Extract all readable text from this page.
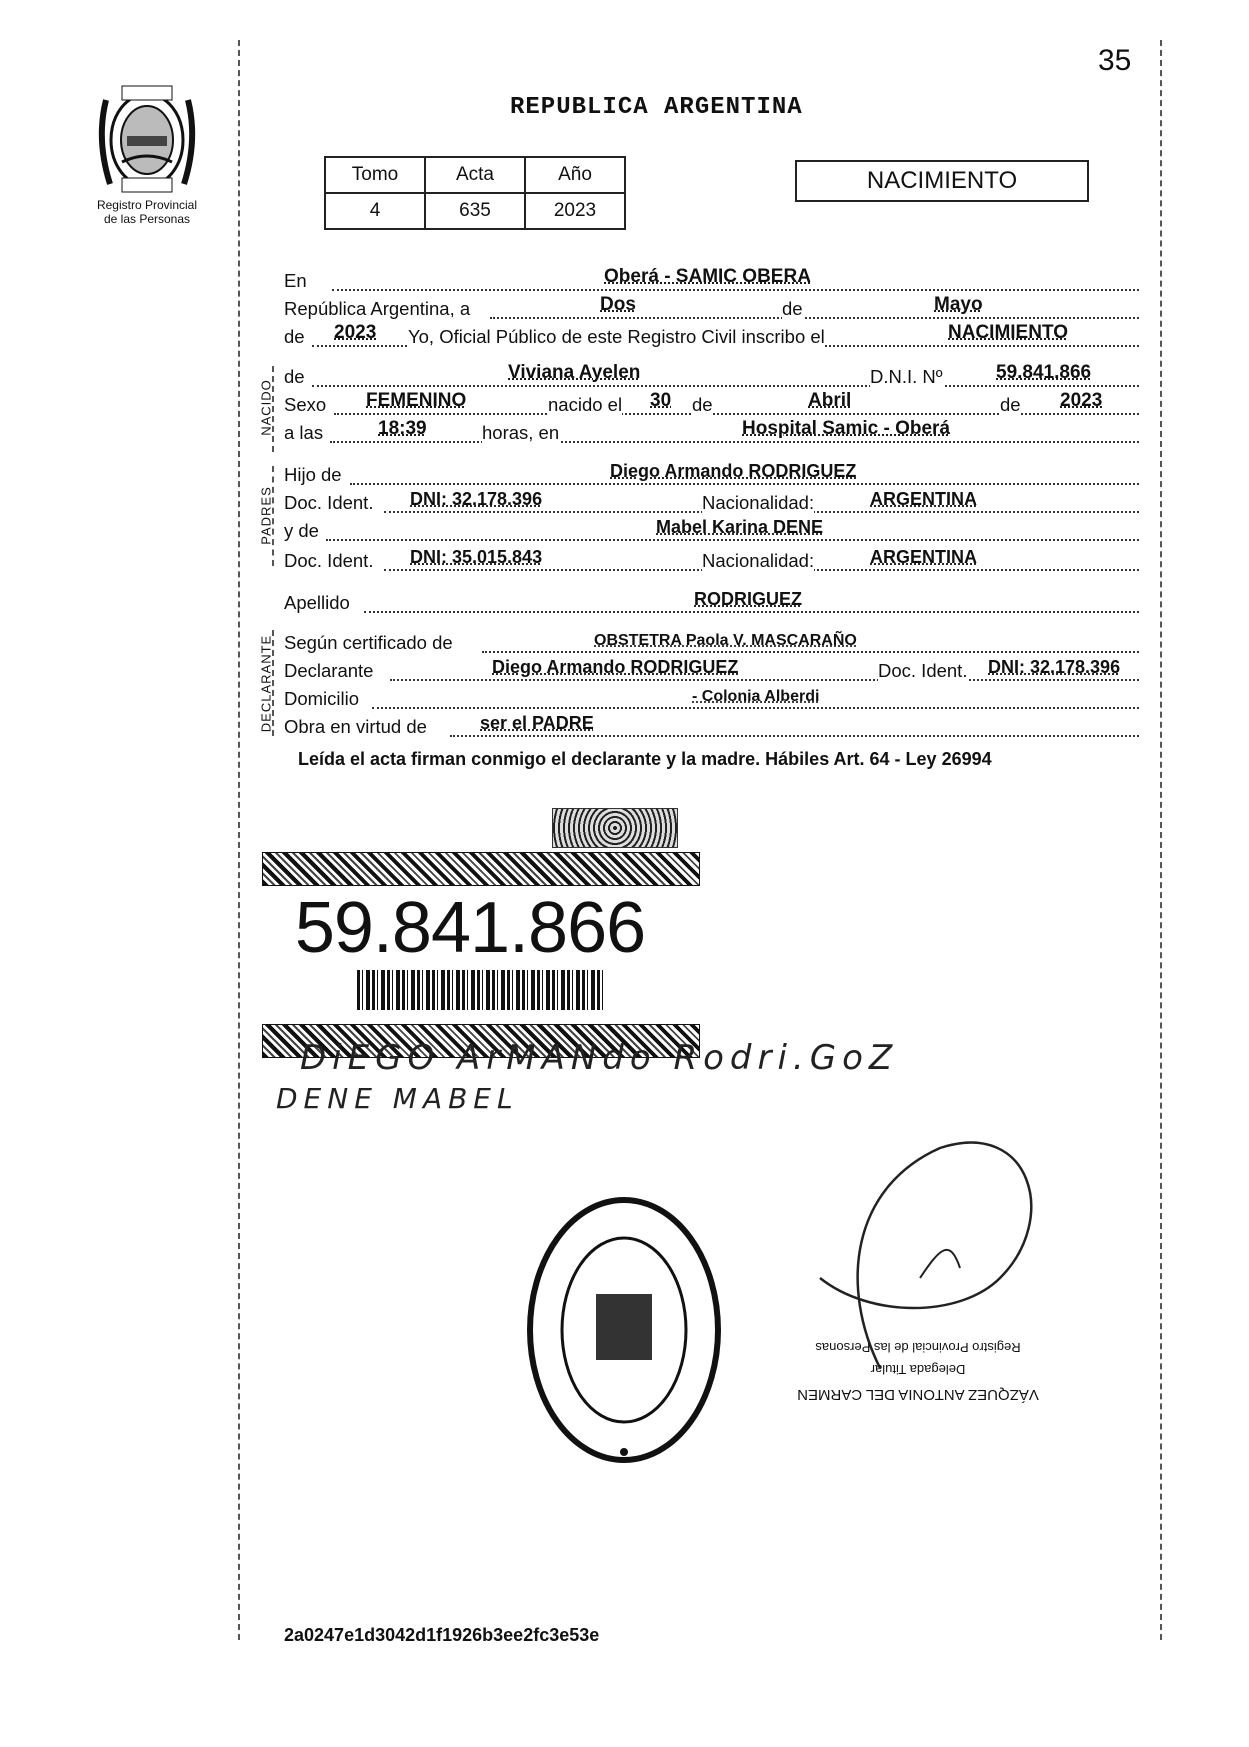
35
REPUBLICA ARGENTINA
Registro Provincial
de las Personas
Tomo	Acta	Año
4	635	2023
NACIMIENTO
NACIDO
PADRES
DECLARANTE
En	Oberá - SAMIC OBERA
República Argentina, a	Dos	de	Mayo
de 2023 Yo, Oficial Público de este Registro Civil inscribo el	NACIMIENTO
de	Viviana Ayelen	D.N.I. Nº	59.841.866
Sexo FEMENINO	nacido el 30 de	Abril	de 2023
a las	18:39	horas, en	Hospital Samic - Oberá
Hijo de	Diego Armando RODRIGUEZ
Doc. Ident. DNI: 32.178.396	Nacionalidad:	ARGENTINA
y de	Mabel Karina DENE
Doc. Ident. DNI: 35.015.843	Nacionalidad:	ARGENTINA
Apellido	RODRIGUEZ
Según certificado de	OBSTETRA Paola V. MASCARAÑO
Declarante	Diego Armando RODRIGUEZ	Doc. Ident. DNI: 32.178.396
Domicilio	- Colonia Alberdi
Obra en virtud de	ser el PADRE
Leída el acta firman conmigo el declarante y la madre. Hábiles Art. 64 - Ley 26994
59.841.866
DiEGO ArMANdo Rodri.GoZ
DENE MABEL
VÁZQUEZ ANTONIA DEL CARMEN
Delegada Titular
Registro Provincial de las Personas
2a0247e1d3042d1f1926b3ee2fc3e53e
